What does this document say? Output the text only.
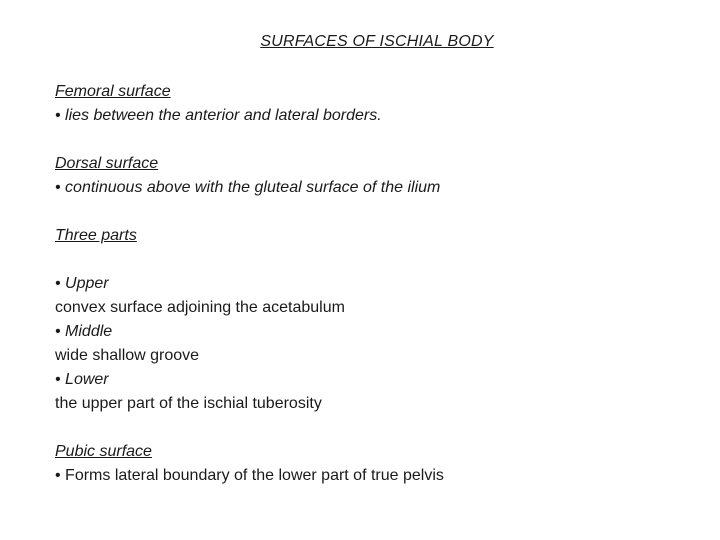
SURFACES OF ISCHIAL BODY
Femoral surface
• lies between the anterior and lateral borders.
Dorsal surface
• continuous above with the gluteal surface of the ilium
Three parts
• Upper
convex surface adjoining the acetabulum
• Middle
wide shallow groove
• Lower
the upper part of the ischial tuberosity
Pubic surface
• Forms lateral boundary of the lower part of true pelvis
